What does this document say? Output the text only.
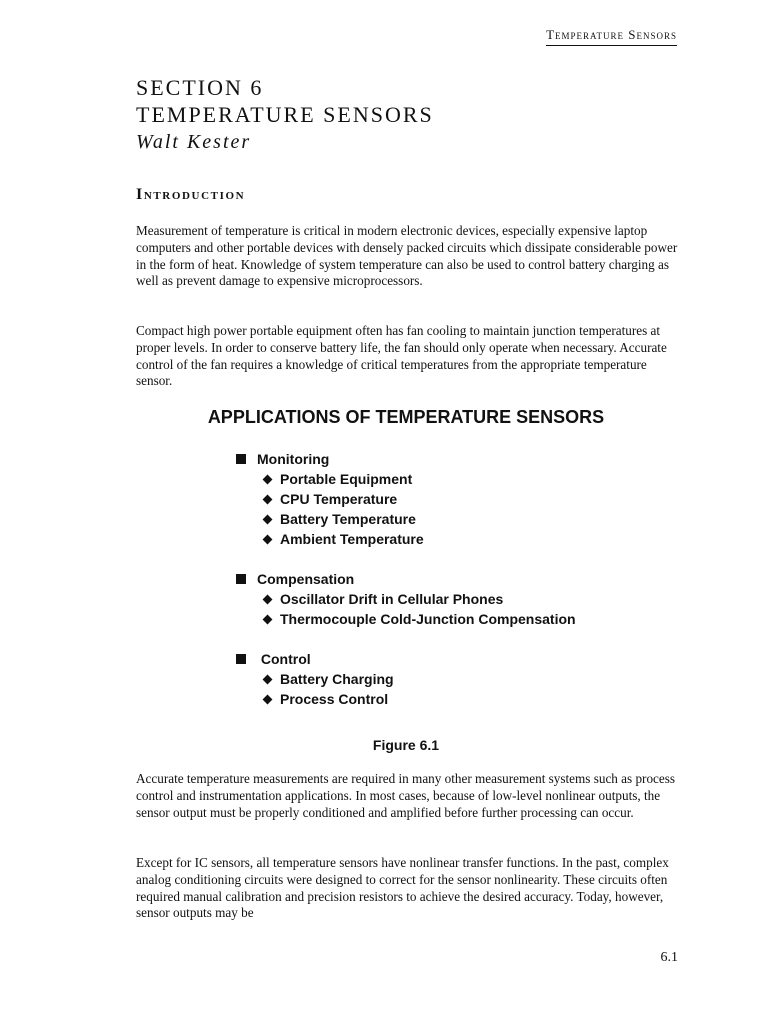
Temperature Sensors

SECTION 6

TEMPERATURE SENSORS

Walt Kester

Introduction

Measurement of temperature is critical in modern electronic devices, especially expensive laptop computers and other portable devices with densely packed circuits which dissipate considerable power in the form of heat. Knowledge of system temperature can also be used to control battery charging as well as prevent damage to expensive microprocessors.

Compact high power portable equipment often has fan cooling to maintain junction temperatures at proper levels. In order to conserve battery life, the fan should only operate when necessary. Accurate control of the fan requires a knowledge of critical temperatures from the appropriate temperature sensor.

APPLICATIONS OF TEMPERATURE SENSORS
Monitoring
Portable Equipment
CPU Temperature
Battery Temperature
Ambient Temperature
Compensation
Oscillator Drift in Cellular Phones
Thermocouple Cold-Junction Compensation
Control
Battery Charging
Process Control

Figure 6.1

Accurate temperature measurements are required in many other measurement systems such as process control and instrumentation applications. In most cases, because of low-level nonlinear outputs, the sensor output must be properly conditioned and amplified before further processing can occur.

Except for IC sensors, all temperature sensors have nonlinear transfer functions. In the past, complex analog conditioning circuits were designed to correct for the sensor nonlinearity. These circuits often required manual calibration and precision resistors to achieve the desired accuracy. Today, however, sensor outputs may be

6.1
